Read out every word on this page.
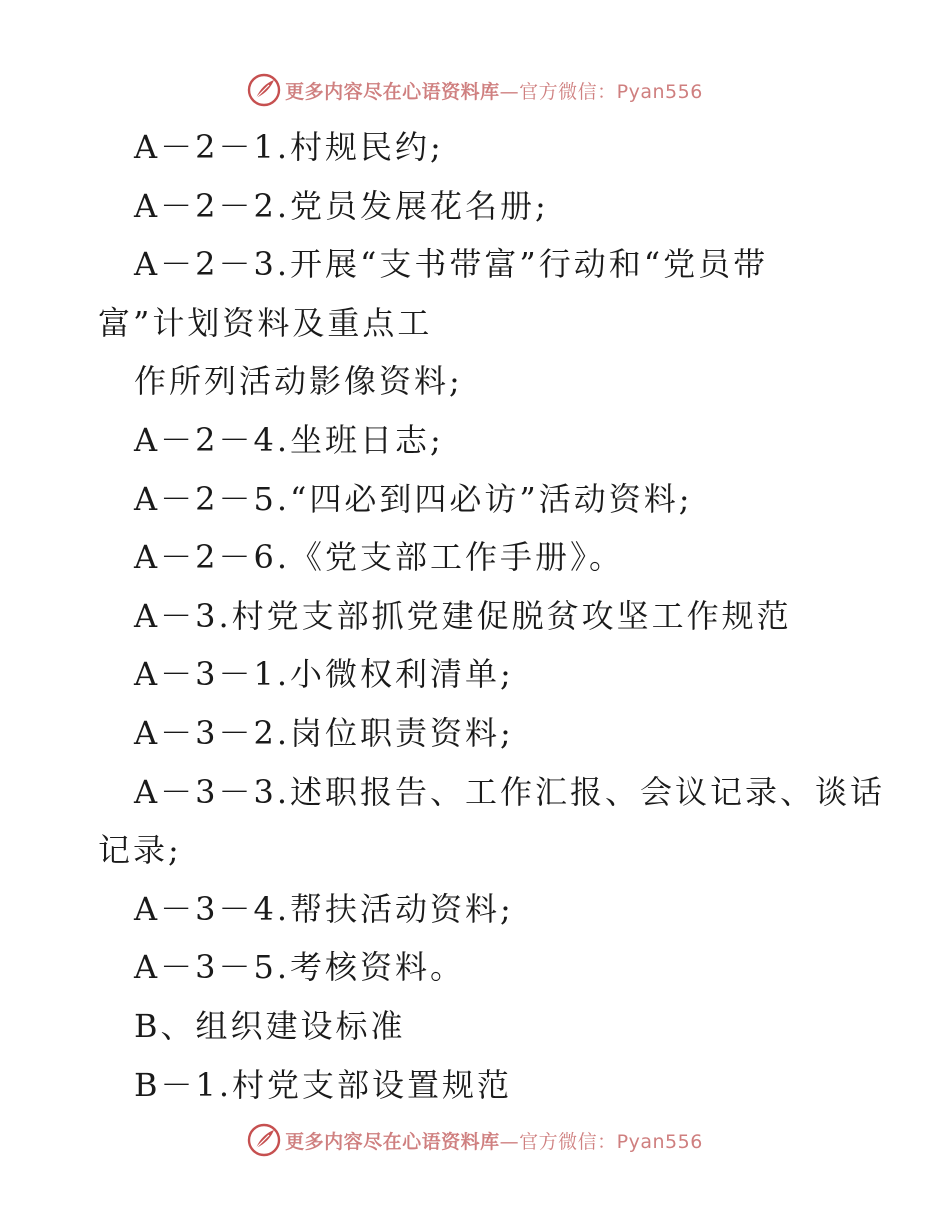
更多内容尽在心语资料库—官方微信：Pyan556
A－2－1.村规民约;
A－2－2.党员发展花名册;
A－2－3.开展“支书带富”行动和“党员带
富”计划资料及重点工
作所列活动影像资料;
A－2－4.坐班日志;
A－2－5.“四必到四必访”活动资料;
A－2－6.《党支部工作手册》。
A－3.村党支部抓党建促脱贫攻坚工作规范
A－3－1.小微权利清单;
A－3－2.岗位职责资料;
A－3－3.述职报告、工作汇报、会议记录、谈话
记录;
A－3－4.帮扶活动资料;
A－3－5.考核资料。
B、组织建设标准
B－1.村党支部设置规范
更多内容尽在心语资料库—官方微信：Pyan556
